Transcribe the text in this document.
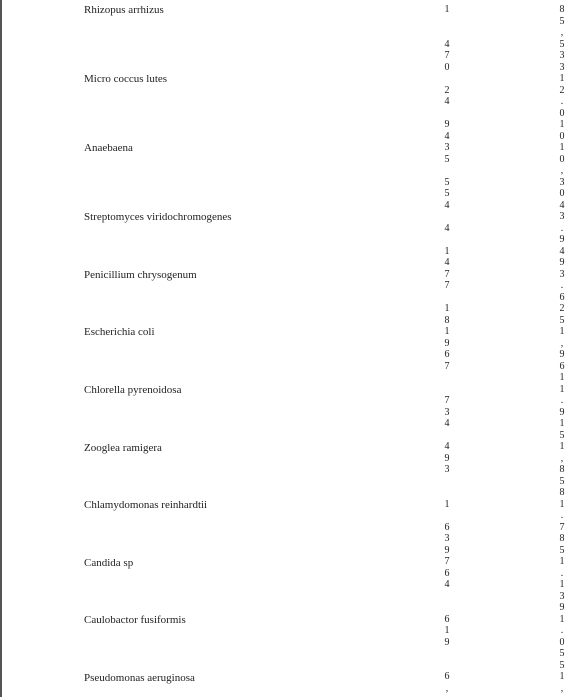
Rhizopus arrhizus
Micro coccus lutes
Anaebaena
Streptomyces viridochromogenes
Penicillium chrysogenum
Escherichia coli
Chlorella pyrenoidosa
Zooglea ramigera
Chlamydomonas reinhardtii
Candida sp
Caulobactor fusiformis
Pseudomonas aeruginosa
1
4
7
0
2
4
9
4
3
5
5
5
4
4
1
4
7
7
1
8
1
9
6
7
7
3
4
4
9
3
1
6
3
9
7
6
4
6
1
9
6
,
8
5
,
5
3
3
1
2
.
0
1
0
1
0
,
3
0
4
3
.
9
4
9
3
.
6
2
5
1
,
9
6
1
1
.
9
1
5
1
,
8
5
8
1
.
7
8
5
1
.
1
3
9
1
.
0
5
5
1
,
